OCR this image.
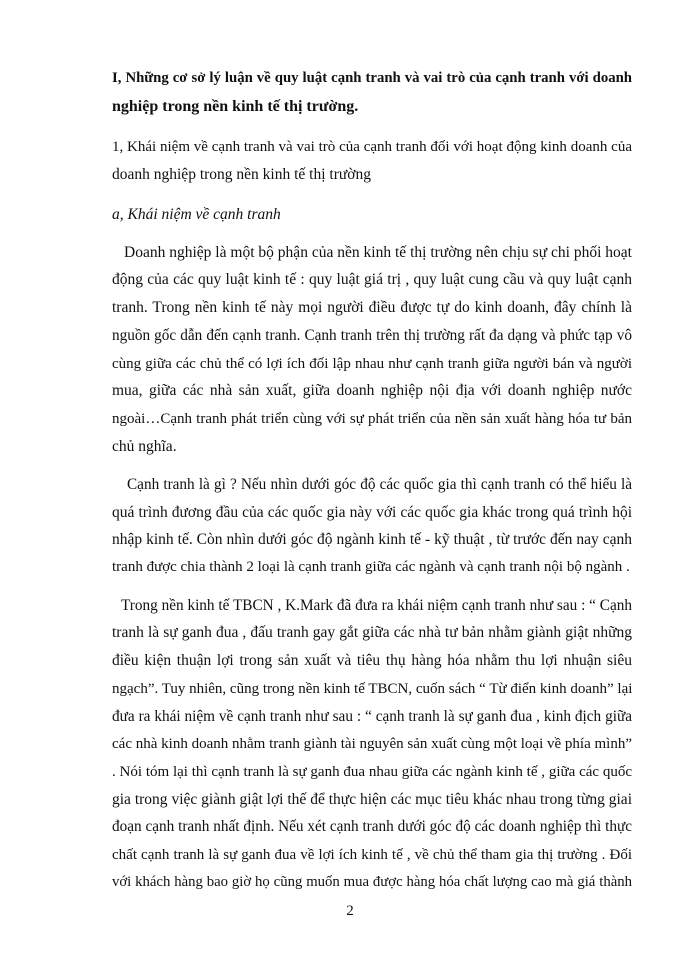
I, Những cơ sở lý luận về quy luật cạnh tranh và vai trò của cạnh tranh với doanh
nghiệp trong nền kinh tế thị trường.
1, Khái niệm về cạnh tranh và vai trò của cạnh tranh đối với hoạt động kinh doanh của
doanh nghiệp trong nền kinh tế thị trường
a, Khái niệm về cạnh tranh
Doanh nghiệp là một bộ phận của nền kinh tế thị trường nên chịu sự chi phối hoạt
động của các quy luật kinh tế : quy luật giá trị , quy luật cung cầu và quy luật cạnh
tranh. Trong nền kinh tế này mọi người điều được tự do kinh doanh, đây chính là
nguồn gốc dẫn đến cạnh tranh. Cạnh tranh trên thị trường rất đa dạng và phức tạp vô
cùng giữa các chủ thể có lợi ích đối lập nhau như cạnh tranh giữa người bán và người
mua, giữa các nhà sản xuất, giữa doanh nghiệp nội địa với doanh nghiệp nước
ngoài…Cạnh tranh phát triển cùng với sự phát triển của nền sản xuất hàng hóa tư bản
chủ nghĩa.
Cạnh tranh là gì ? Nếu nhìn dưới góc độ các quốc gia thì cạnh tranh có thể hiểu là
quá trình đương đầu của các quốc gia này với các quốc gia khác trong quá trình hội
nhập kinh tế. Còn nhìn dưới góc độ ngành kinh tế - kỹ thuật , từ trước đến nay cạnh
tranh được chia thành 2 loại là cạnh tranh giữa các ngành và cạnh tranh nội bộ ngành .
Trong nền kinh tế TBCN , K.Mark đã đưa ra khái niệm cạnh tranh như sau : “ Cạnh
tranh là sự ganh đua , đấu tranh gay gắt giữa các nhà tư bản nhằm giành giật những
điều kiện thuận lợi trong sản xuất và tiêu thụ hàng hóa nhằm thu lợi nhuận siêu
ngạch”. Tuy nhiên, cũng trong nền kinh tế TBCN, cuốn sách “ Từ điển kinh doanh” lại
đưa ra khái niệm về cạnh tranh như sau : “ cạnh tranh là sự ganh đua , kinh địch giữa
các nhà kinh doanh nhằm tranh giành tài nguyên sản xuất cùng một loại về phía mình”
. Nói tóm lại thì cạnh tranh là sự ganh đua nhau giữa các ngành kinh tế , giữa các quốc
gia trong việc giành giật lợi thế để thực hiện các mục tiêu khác nhau trong từng giai
đoạn cạnh tranh nhất định. Nếu xét cạnh tranh dưới góc độ các doanh nghiệp thì thực
chất cạnh tranh là sự ganh đua về lợi ích kinh tế , về chủ thể tham gia thị trường . Đối
với khách hàng bao giờ họ cũng muốn mua được hàng hóa chất lượng cao mà giá thành
2
